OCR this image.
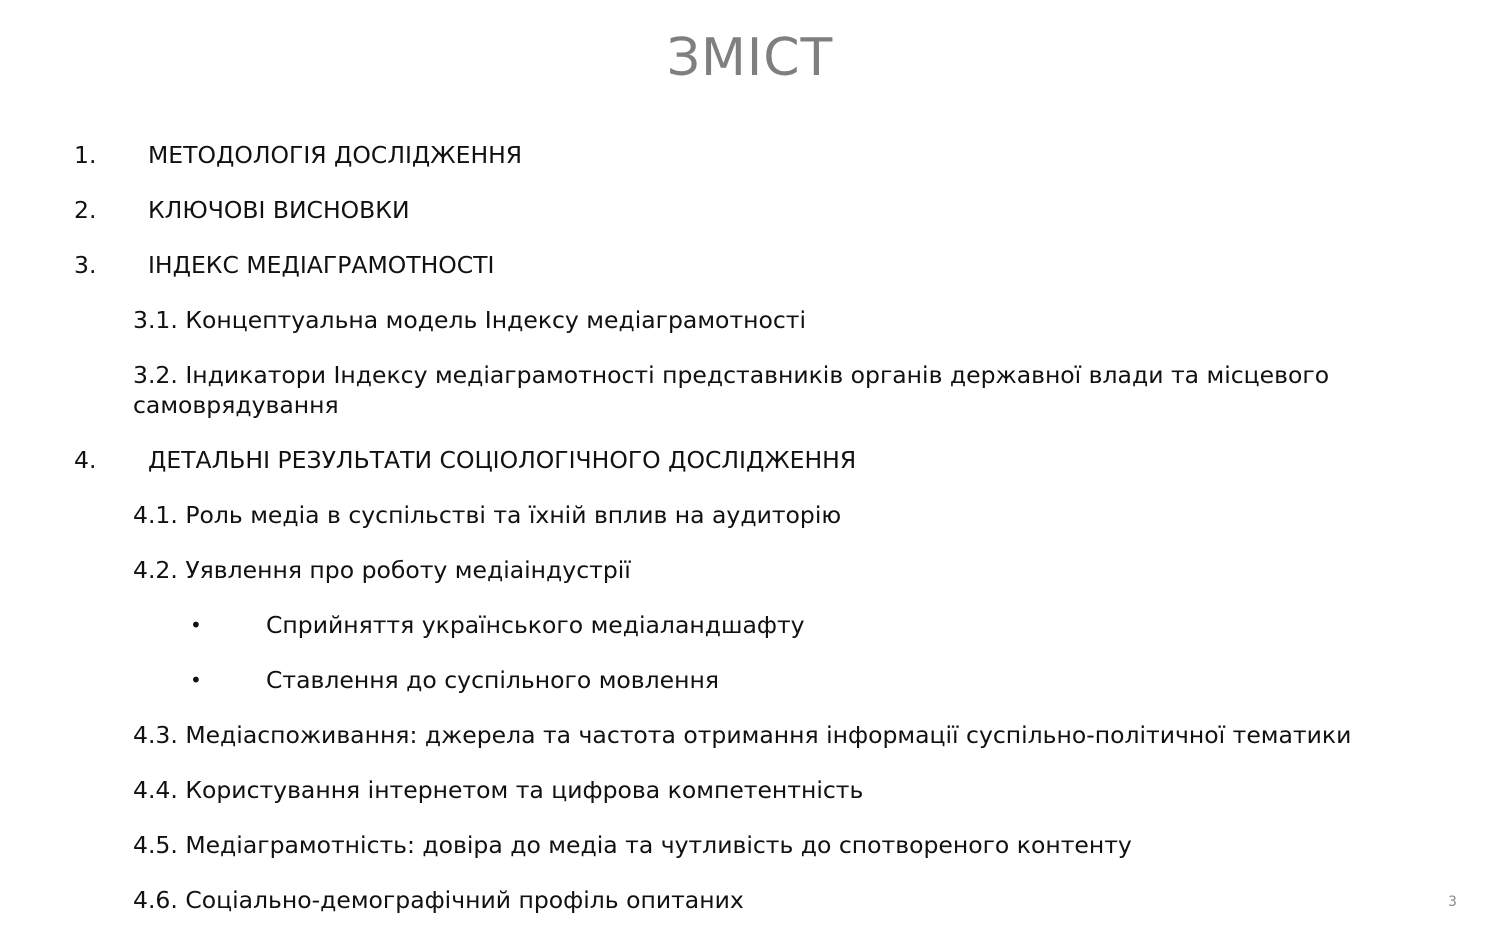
ЗМІСТ
1. МЕТОДОЛОГІЯ ДОСЛІДЖЕННЯ
2. КЛЮЧОВІ ВИСНОВКИ
3. ІНДЕКС МЕДІАГРАМОТНОСТІ
3.1. Концептуальна модель Індексу медіаграмотності
3.2. Індикатори Індексу медіаграмотності представників органів державної влади та місцевого самоврядування
4. ДЕТАЛЬНІ РЕЗУЛЬТАТИ СОЦІОЛОГІЧНОГО ДОСЛІДЖЕННЯ
4.1. Роль медіа в суспільстві та їхній вплив на аудиторію
4.2. Уявлення про роботу медіаіндустрії
•	Сприйняття українського медіаландшафту
•	Ставлення до суспільного мовлення
4.3. Медіаспоживання: джерела та частота отримання інформації суспільно-політичної тематики
4.4. Користування інтернетом та цифрова компетентність
4.5. Медіаграмотність: довіра до медіа та чутливість до спотвореного контенту
4.6. Соціально-демографічний профіль опитаних	3
